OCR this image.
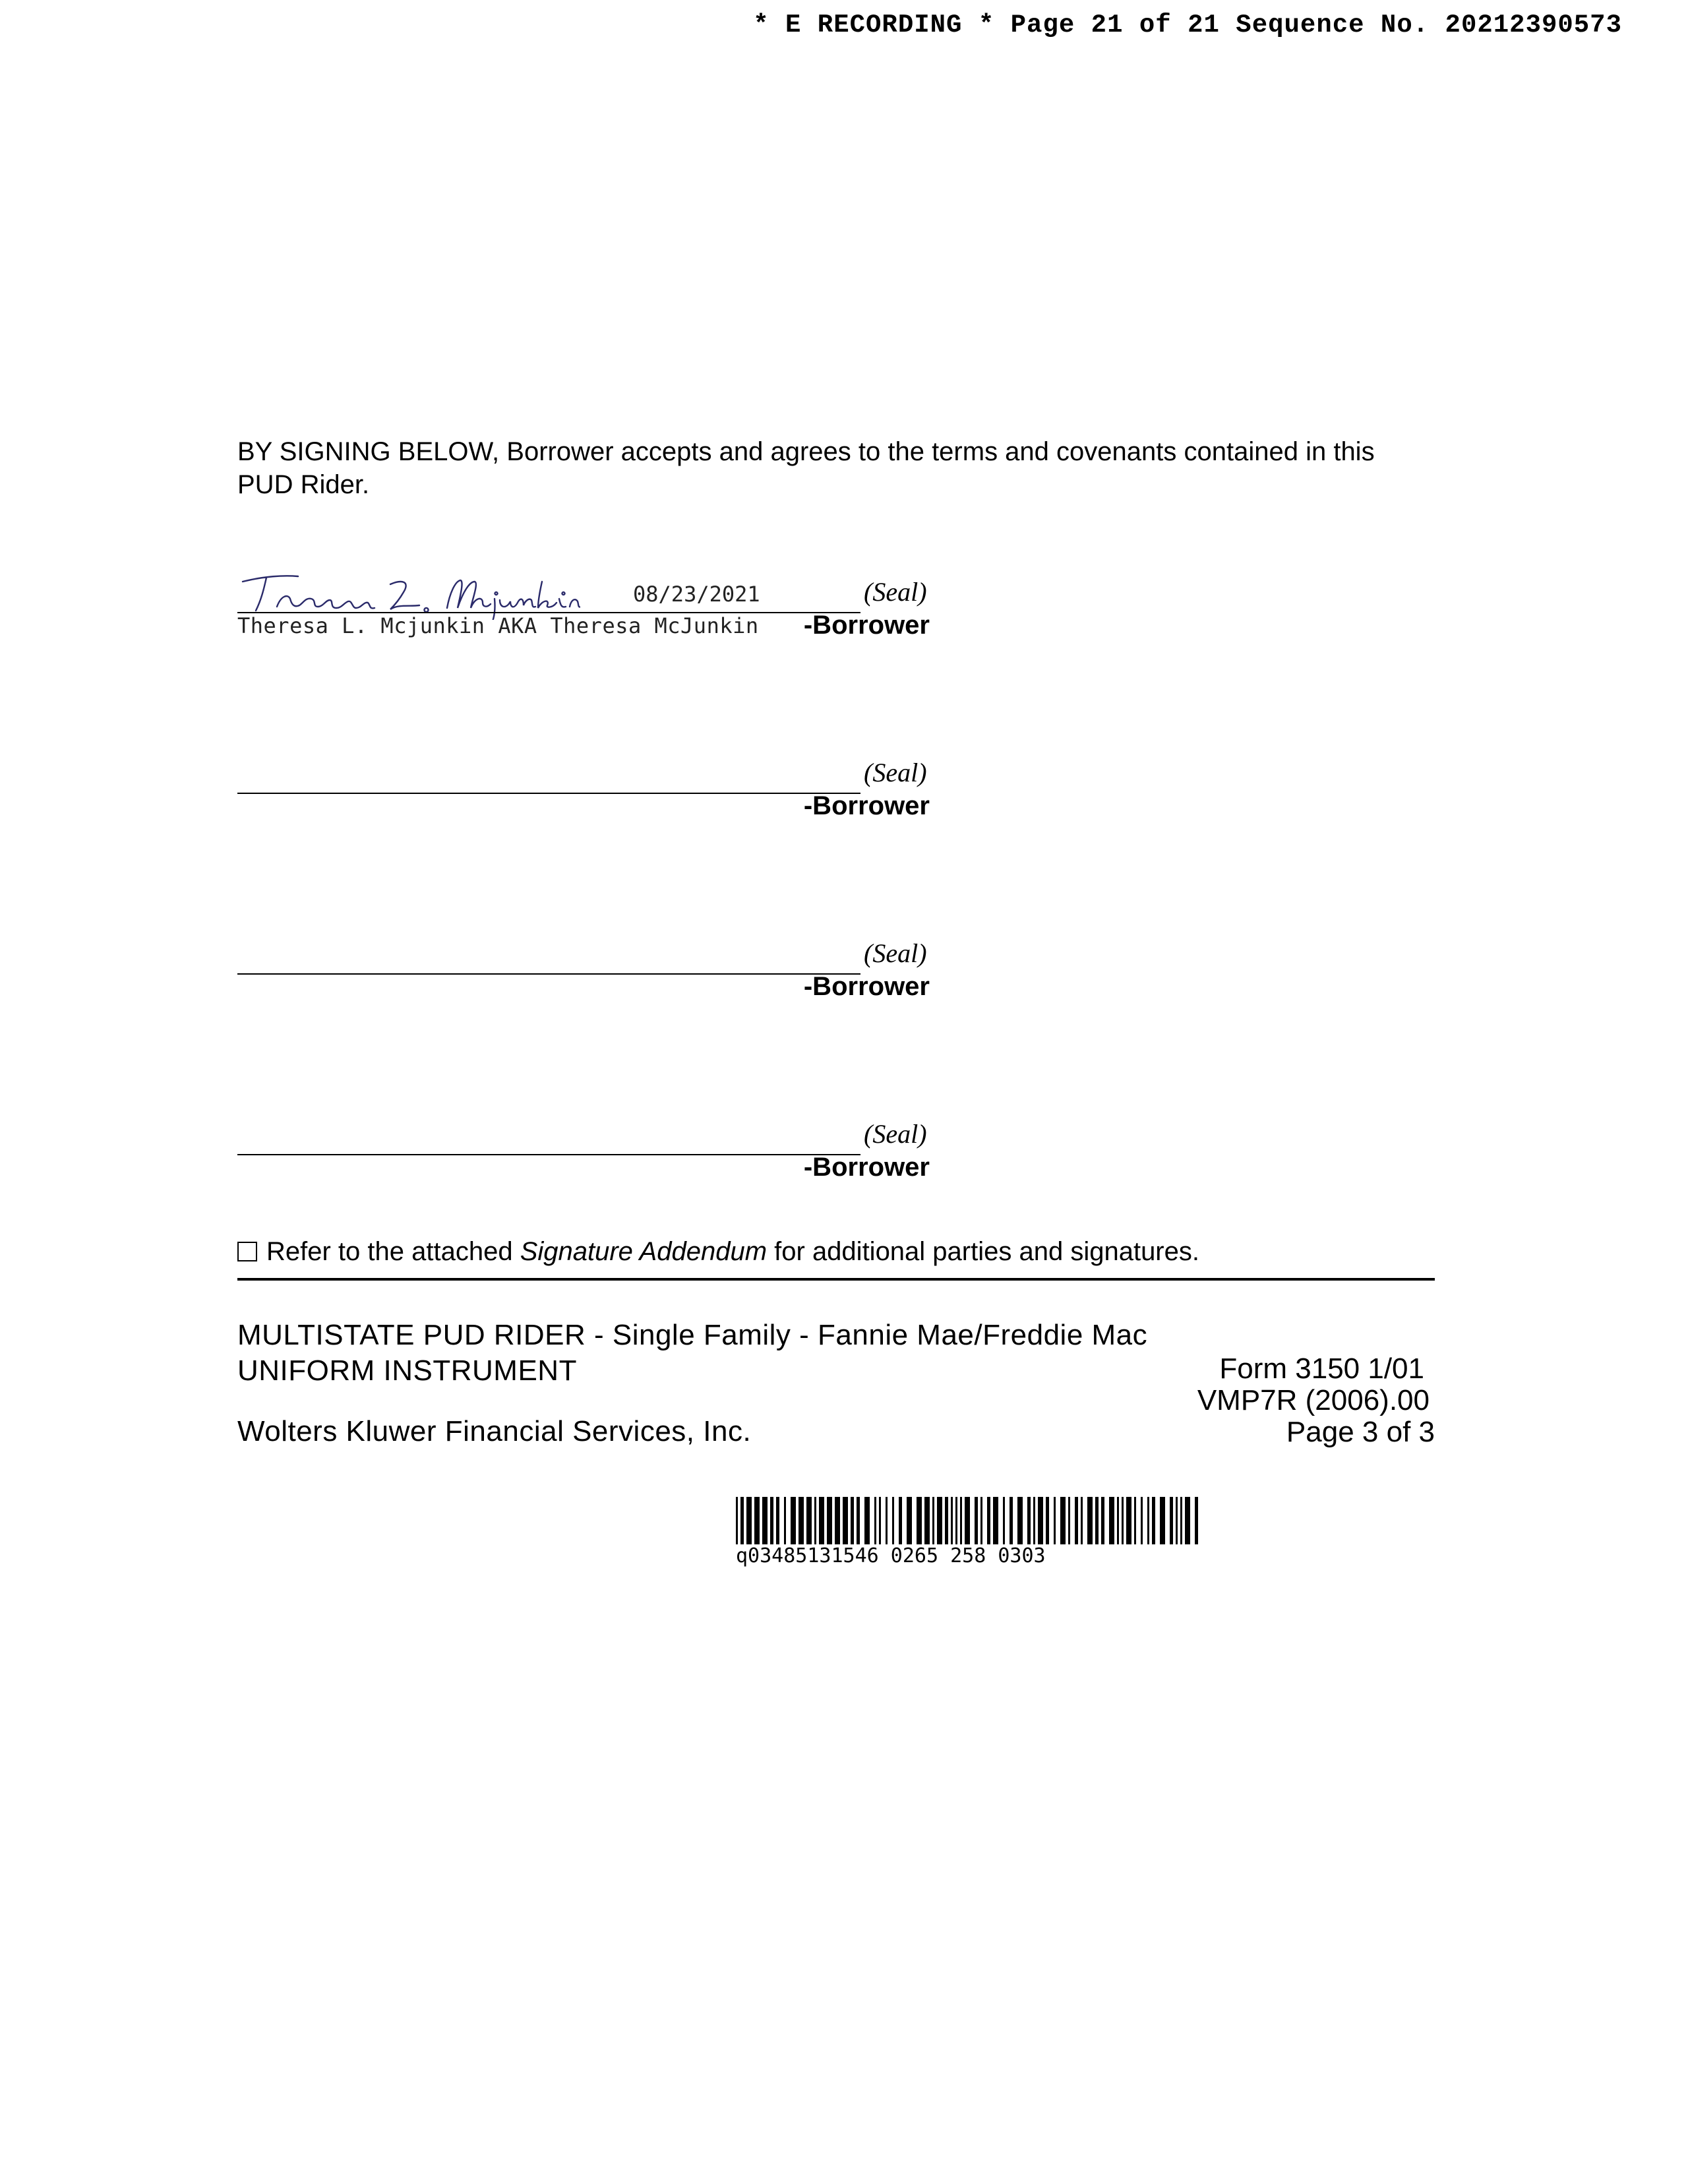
* E RECORDING * Page 21 of 21 Sequence No. 20212390573
BY SIGNING BELOW, Borrower accepts and agrees to the terms and covenants contained in this PUD Rider.
08/23/2021	(Seal)
Theresa L. Mcjunkin AKA Theresa McJunkin -Borrower
(Seal)
-Borrower
(Seal)
-Borrower
(Seal)
-Borrower
Refer to the attached Signature Addendum for additional parties and signatures.
MULTISTATE PUD RIDER - Single Family - Fannie Mae/Freddie Mac
UNIFORM INSTRUMENT
Wolters Kluwer Financial Services, Inc.
Form 3150 1/01
VMP7R (2006).00
Page 3 of 3
q03485131546 0265 258 0303
